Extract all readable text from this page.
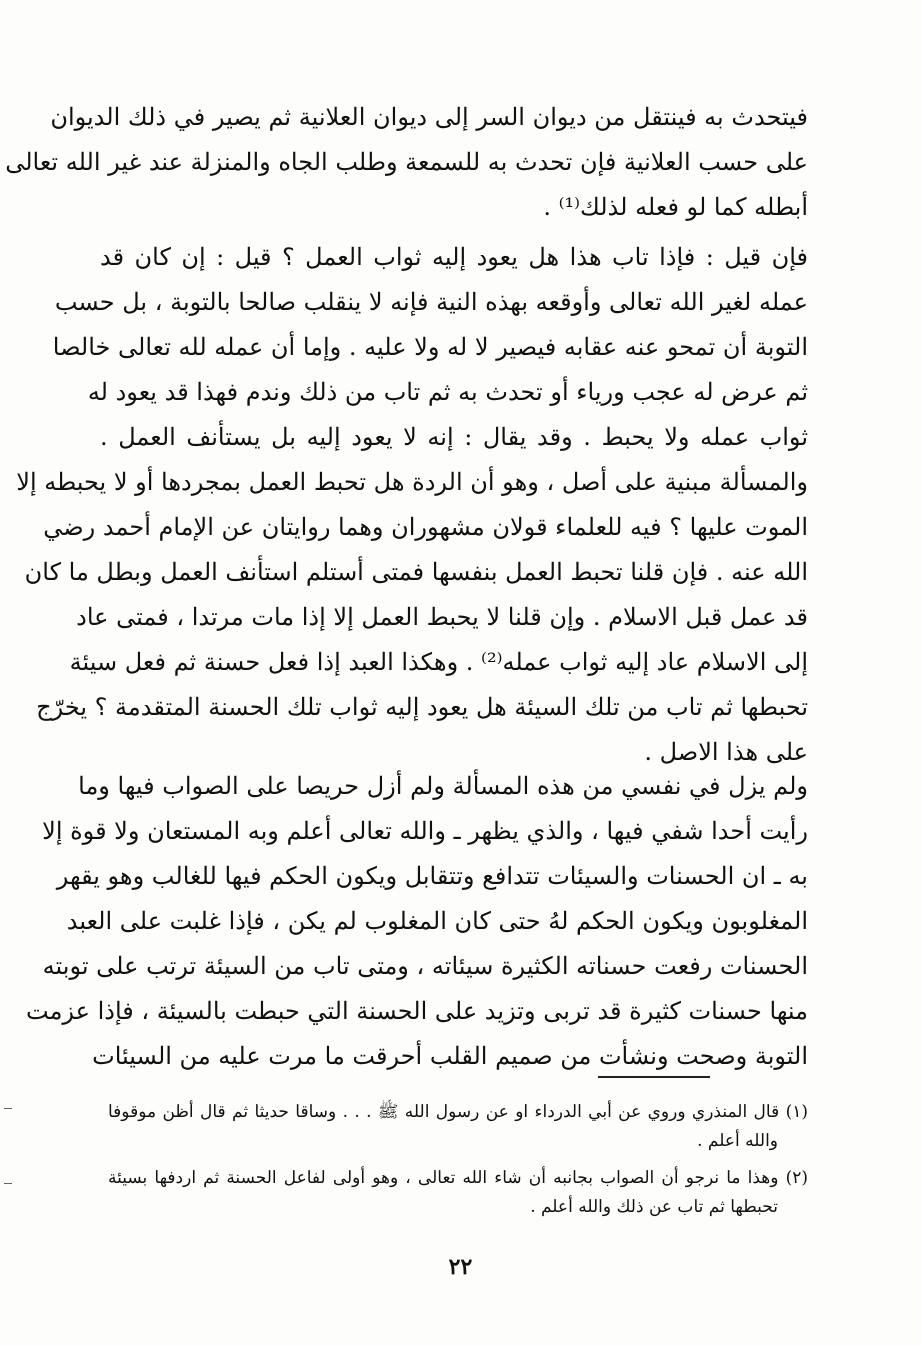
فيتحدث به فينتقل من ديوان السر إلى ديوان العلانية ثم يصير في ذلك الديوان
على حسب العلانية فإن تحدث به للسمعة وطلب الجاه والمنزلة عند غير الله تعالى
أبطله كما لو فعله لذلك⁽¹⁾ .
فإن قيل : فإذا تاب هذا هل يعود إليه ثواب العمل ؟ قيل : إن كان قد
عمله لغير الله تعالى وأوقعه بهذه النية فإنه لا ينقلب صالحا بالتوبة ، بل حسب
التوبة أن تمحو عنه عقابه فيصير لا له ولا عليه . وإما أن عمله لله تعالى خالصا
ثم عرض له عجب ورياء أو تحدث به ثم تاب من ذلك وندم فهذا قد يعود له
ثواب عمله ولا يحبط . وقد يقال : إنه لا يعود إليه بل يستأنف العمل .
والمسألة مبنية على أصل ، وهو أن الردة هل تحبط العمل بمجردها أو لا يحبطه إلا
الموت عليها ؟ فيه للعلماء قولان مشهوران وهما روايتان عن الإمام أحمد رضي
الله عنه . فإن قلنا تحبط العمل بنفسها فمتى أستلم استأنف العمل وبطل ما كان
قد عمل قبل الاسلام . وإن قلنا لا يحبط العمل إلا إذا مات مرتدا ، فمتى عاد
إلى الاسلام عاد إليه ثواب عمله⁽²⁾ . وهكذا العبد إذا فعل حسنة ثم فعل سيئة
تحبطها ثم تاب من تلك السيئة هل يعود إليه ثواب تلك الحسنة المتقدمة ؟ يخرّج
على هذا الاصل .
ولم يزل في نفسي من هذه المسألة ولم أزل حريصا على الصواب فيها وما
رأيت أحدا شفي فيها ، والذي يظهر ـ والله تعالى أعلم وبه المستعان ولا قوة إلا
به ـ ان الحسنات والسيئات تتدافع وتتقابل ويكون الحكم فيها للغالب وهو يقهر
المغلوبون ويكون الحكم لهُ حتى كان المغلوب لم يكن ، فإذا غلبت على العبد
الحسنات رفعت حسناته الكثيرة سيئاته ، ومتى تاب من السيئة ترتب على توبته
منها حسنات كثيرة قد تربى وتزيد على الحسنة التي حبطت بالسيئة ، فإذا عزمت
التوبة وصحت ونشأت من صميم القلب أحرقت ما مرت عليه من السيئات
(١) قال المنذري وروي عن أبي الدرداء او عن رسول الله ﷺ . . . وساقا حديثا ثم قال أظن موقوفا
والله أعلم .
(٢) وهذا ما نرجو أن الصواب بجانبه أن شاء الله تعالى ، وهو أولى لفاعل الحسنة ثم اردفها بسيئة
تحبطها ثم تاب عن ذلك والله أعلم .
٢٢
